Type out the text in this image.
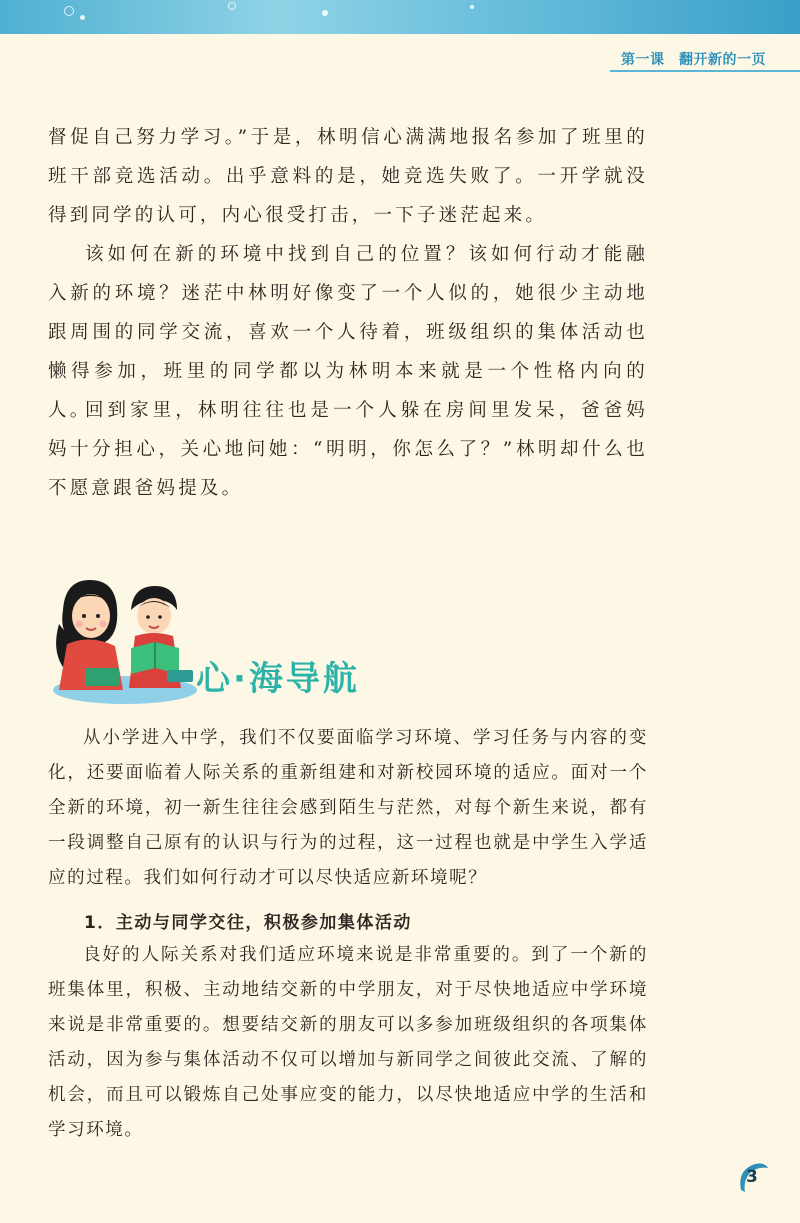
第一课　翻开新的一页

督促自己努力学习。”于是，林明信心满满地报名参加了班里的班干部竞选活动。出乎意料的是，她竞选失败了。一开学就没得到同学的认可，内心很受打击，一下子迷茫起来。

该如何在新的环境中找到自己的位置？该如何行动才能融入新的环境？迷茫中林明好像变了一个人似的，她很少主动地跟周围的同学交流，喜欢一个人待着，班级组织的集体活动也懒得参加，班里的同学都以为林明本来就是一个性格内向的人。

回到家里，林明往往也是一个人躲在房间里发呆，爸爸妈妈十分担心，关心地问她：“明明，你怎么了？”林明却什么也不愿意跟爸妈提及。

心·海导航

从小学进入中学，我们不仅要面临学习环境、学习任务与内容的变化，还要面临着人际关系的重新组建和对新校园环境的适应。面对一个全新的环境，初一新生往往会感到陌生与茫然，对每个新生来说，都有一段调整自己原有的认识与行为的过程，这一过程也就是中学生入学适应的过程。我们如何行动才可以尽快适应新环境呢？

1．主动与同学交往，积极参加集体活动

良好的人际关系对我们适应环境来说是非常重要的。到了一个新的班集体里，积极、主动地结交新的中学朋友，对于尽快地适应中学环境来说是非常重要的。想要结交新的朋友可以多参加班级组织的各项集体活动，因为参与集体活动不仅可以增加与新同学之间彼此交流、了解的机会，而且可以锻炼自己处事应变的能力，以尽快地适应中学的生活和学习环境。

3
